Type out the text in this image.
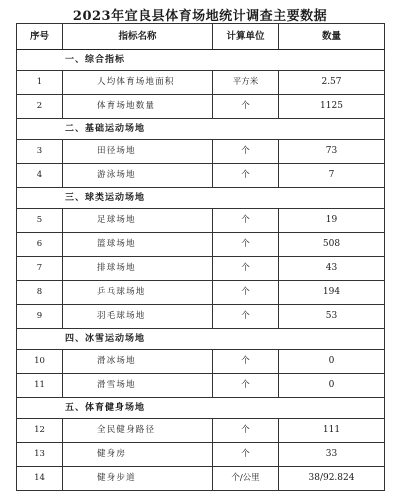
2023年宜良县体育场地统计调查主要数据
序号	指标名称	计算单位	数量
一、综合指标			
1	人均体育场地面积	平方米	2.57
2	体育场地数量	个	1125
二、基础运动场地			
3	田径场地	个	73
4	游泳场地	个	7
三、球类运动场地			
5	足球场地	个	19
6	篮球场地	个	508
7	排球场地	个	43
8	乒乓球场地	个	194
9	羽毛球场地	个	53
四、冰雪运动场地			
10	滑冰场地	个	0
11	滑雪场地	个	0
五、体育健身场地			
12	全民健身路径	个	111
13	健身房	个	33
14	健身步道	个/公里	38/92.824
